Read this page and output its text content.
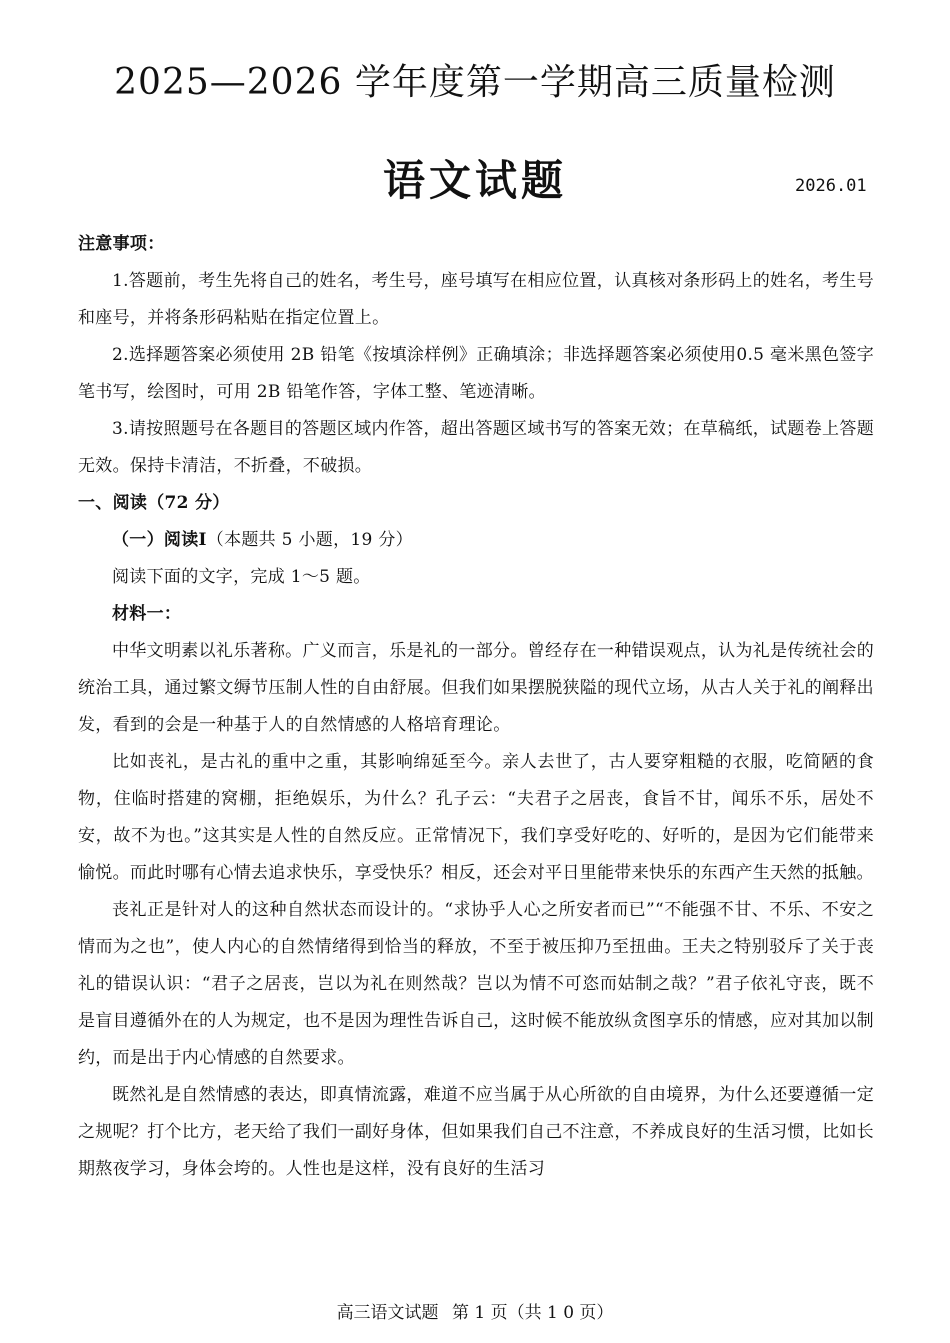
2025—2026 学年度第一学期高三质量检测
语文试题	2026.01

注意事项：

1.答题前，考生先将自己的姓名，考生号，座号填写在相应位置，认真核对条形码上的姓名，考生号和座号，并将条形码粘贴在指定位置上。

2.选择题答案必须使用 2B 铅笔《按填涂样例》正确填涂；非选择题答案必须使用0.5 毫米黑色签字笔书写，绘图时，可用 2B 铅笔作答，字体工整、笔迹清晰。

3.请按照题号在各题目的答题区域内作答，超出答题区域书写的答案无效；在草稿纸，试题卷上答题无效。保持卡清洁，不折叠，不破损。

一、阅读（72 分）

（一）阅读Ⅰ（本题共 5 小题，19 分）

阅读下面的文字，完成 1～5 题。

材料一：

中华文明素以礼乐著称。广义而言，乐是礼的一部分。曾经存在一种错误观点，认为礼是传统社会的统治工具，通过繁文缛节压制人性的自由舒展。但我们如果摆脱狭隘的现代立场，从古人关于礼的阐释出发，看到的会是一种基于人的自然情感的人格培育理论。

比如丧礼，是古礼的重中之重，其影响绵延至今。亲人去世了，古人要穿粗糙的衣服，吃简陋的食物，住临时搭建的窝棚，拒绝娱乐，为什么？孔子云：“夫君子之居丧，食旨不甘，闻乐不乐，居处不安，故不为也。”这其实是人性的自然反应。正常情况下，我们享受好吃的、好听的，是因为它们能带来愉悦。而此时哪有心情去追求快乐，享受快乐？相反，还会对平日里能带来快乐的东西产生天然的抵触。

丧礼正是针对人的这种自然状态而设计的。“求协乎人心之所安者而已”“不能强不甘、不乐、不安之情而为之也”，使人内心的自然情绪得到恰当的释放，不至于被压抑乃至扭曲。王夫之特别驳斥了关于丧礼的错误认识：“君子之居丧，岂以为礼在则然哉？岂以为情不可恣而姑制之哉？”君子依礼守丧，既不是盲目遵循外在的人为规定，也不是因为理性告诉自己，这时候不能放纵贪图享乐的情感，应对其加以制约，而是出于内心情感的自然要求。

既然礼是自然情感的表达，即真情流露，难道不应当属于从心所欲的自由境界，为什么还要遵循一定之规呢？打个比方，老天给了我们一副好身体，但如果我们自己不注意，不养成良好的生活习惯，比如长期熬夜学习，身体会垮的。人性也是这样，没有良好的生活习

高三语文试题 第 1 页（共 1 0 页）
